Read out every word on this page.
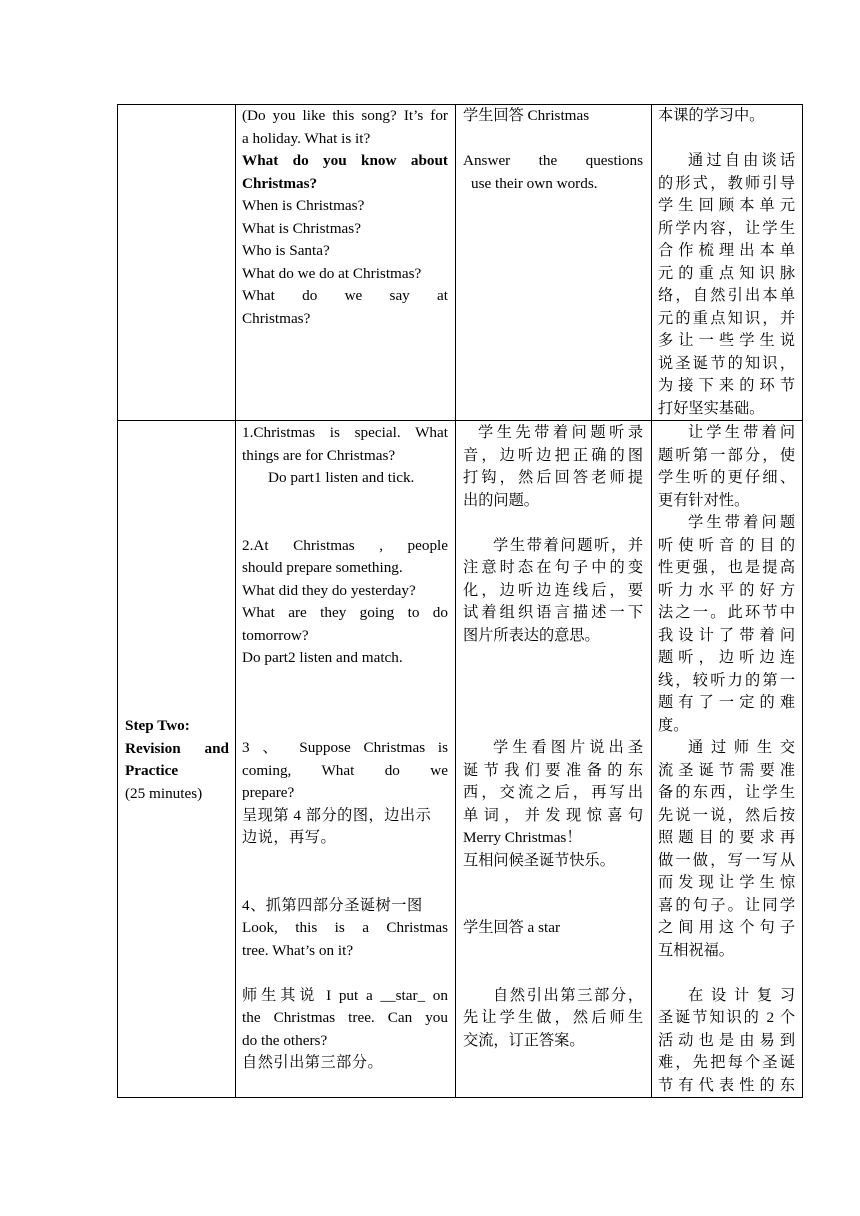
(Do you like this song? It’s for

a holiday. What is it?

What do you know about

Christmas?

When is Christmas?

What is Christmas?

Who is Santa?

What do we do at Christmas?

What do we say at

Christmas?

学生回答 Christmas

Answer the questions

use their own words.

本课的学习中。

通过自由谈话

的形式，教师引导

学生回顾本单元

所学内容，让学生

合作梳理出本单

元的重点知识脉

络，自然引出本单

元的重点知识，并

多让一些学生说

说圣诞节的知识，

为接下来的环节

打好坚实基础。

Step Two:

Revision and

Practice

(25 minutes)

1.Christmas is special. What

things are for Christmas?

Do part1 listen and tick.

2.At Christmas , people

should prepare something.

What did they do yesterday?

What are they going to do

tomorrow?

Do part2 listen and match.

3 、 Suppose Christmas is

coming, What do we

prepare?

呈现第 4 部分的图，边出示

边说，再写。

4、抓第四部分圣诞树一图

Look, this is a Christmas

tree. What’s on it?

师生其说 I put a __star_ on

the Christmas tree. Can you

do the others?

自然引出第三部分。

学生先带着问题听录

音，边听边把正确的图

打钩，然后回答老师提

出的问题。

学生带着问题听，并

注意时态在句子中的变

化，边听边连线后，要

试着组织语言描述一下

图片所表达的意思。

学生看图片说出圣

诞节我们要准备的东

西，交流之后，再写出

单词，并发现惊喜句

Merry Christmas！

互相问候圣诞节快乐。

学生回答 a star

自然引出第三部分，

先让学生做，然后师生

交流，订正答案。

让学生带着问

题听第一部分，使

学生听的更仔细、

更有针对性。

学生带着问题

听使听音的目的

性更强，也是提高

听力水平的好方

法之一。此环节中

我设计了带着问

题听，边听边连

线，较听力的第一

题有了一定的难

度。

通过师生交

流圣诞节需要准

备的东西，让学生

先说一说，然后按

照题目的要求再

做一做，写一写从

而发现让学生惊

喜的句子。让同学

之间用这个句子

互相祝福。

在设计复习

圣诞节知识的 2 个

活动也是由易到

难，先把每个圣诞

节有代表性的东
